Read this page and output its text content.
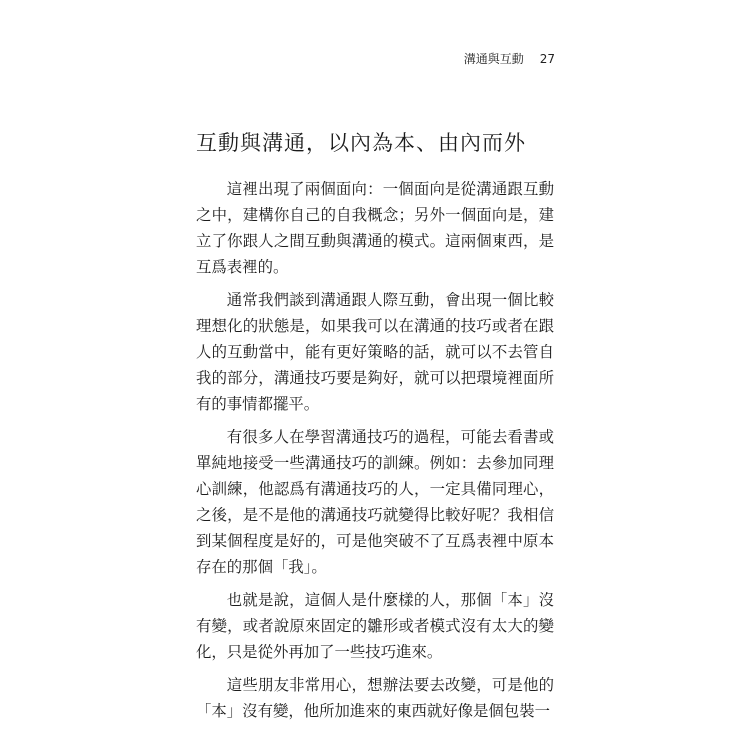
溝通與互動 27
互動與溝通，以內為本、由內而外

這裡出現了兩個面向：一個面向是從溝通跟互動之中，建構你自己的自我概念；另外一個面向是，建立了你跟人之間互動與溝通的模式。這兩個東西，是互爲表裡的。

通常我們談到溝通跟人際互動，會出現一個比較理想化的狀態是，如果我可以在溝通的技巧或者在跟人的互動當中，能有更好策略的話，就可以不去管自我的部分，溝通技巧要是夠好，就可以把環境裡面所有的事情都擺平。

有很多人在學習溝通技巧的過程，可能去看書或單純地接受一些溝通技巧的訓練。例如：去參加同理心訓練，他認爲有溝通技巧的人，一定具備同理心，之後，是不是他的溝通技巧就變得比較好呢？我相信到某個程度是好的，可是他突破不了互爲表裡中原本存在的那個「我」。

也就是說，這個人是什麼樣的人，那個「本」沒有變，或者說原來固定的雛形或者模式沒有太大的變化，只是從外再加了一些技巧進來。

這些朋友非常用心，想辦法要去改變，可是他的「本」沒有變，他所加進來的東西就好像是個包裝一
